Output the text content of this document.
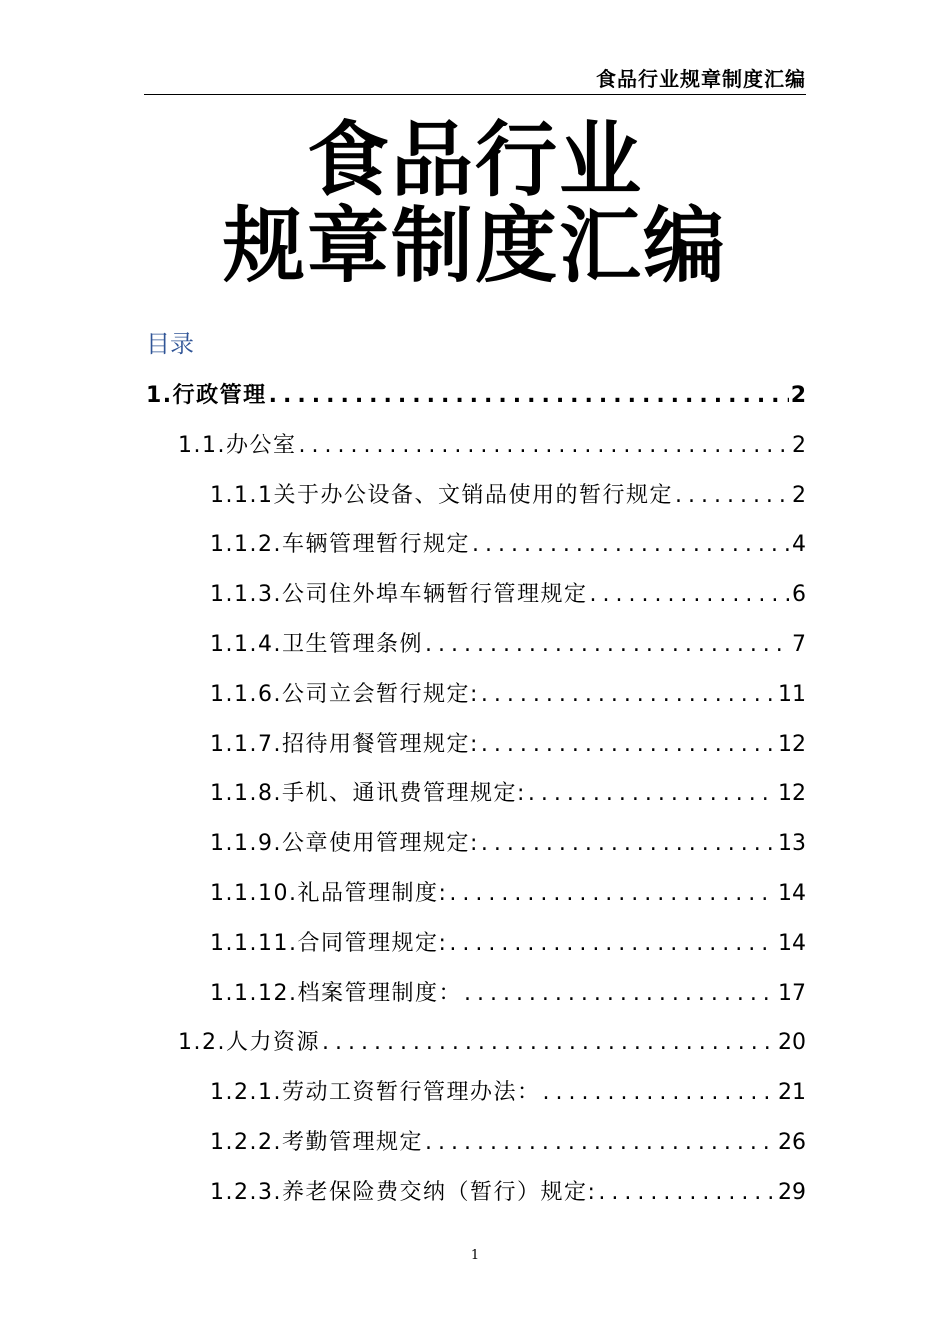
食品行业规章制度汇编
食品行业
规章制度汇编
目录
1.行政管理 .....	2
1.1.办公室 .....	2
1.1.1关于办公设备、文销品使用的暂行规定 .....	2
1.1.2.车辆管理暂行规定 .....	4
1.1.3.公司住外埠车辆暂行管理规定 .....	6
1.1.4.卫生管理条例 .....	7
1.1.6.公司立会暂行规定: .....	11
1.1.7.招待用餐管理规定: .....	12
1.1.8.手机、通讯费管理规定: .....	12
1.1.9.公章使用管理规定: .....	13
1.1.10.礼品管理制度: .....	14
1.1.11.合同管理规定: .....	14
1.1.12.档案管理制度： .....	17
1.2.人力资源 .....	20
1.2.1.劳动工资暂行管理办法： .....	21
1.2.2.考勤管理规定 .....	26
1.2.3.养老保险费交纳（暂行）规定: .....	29
1
